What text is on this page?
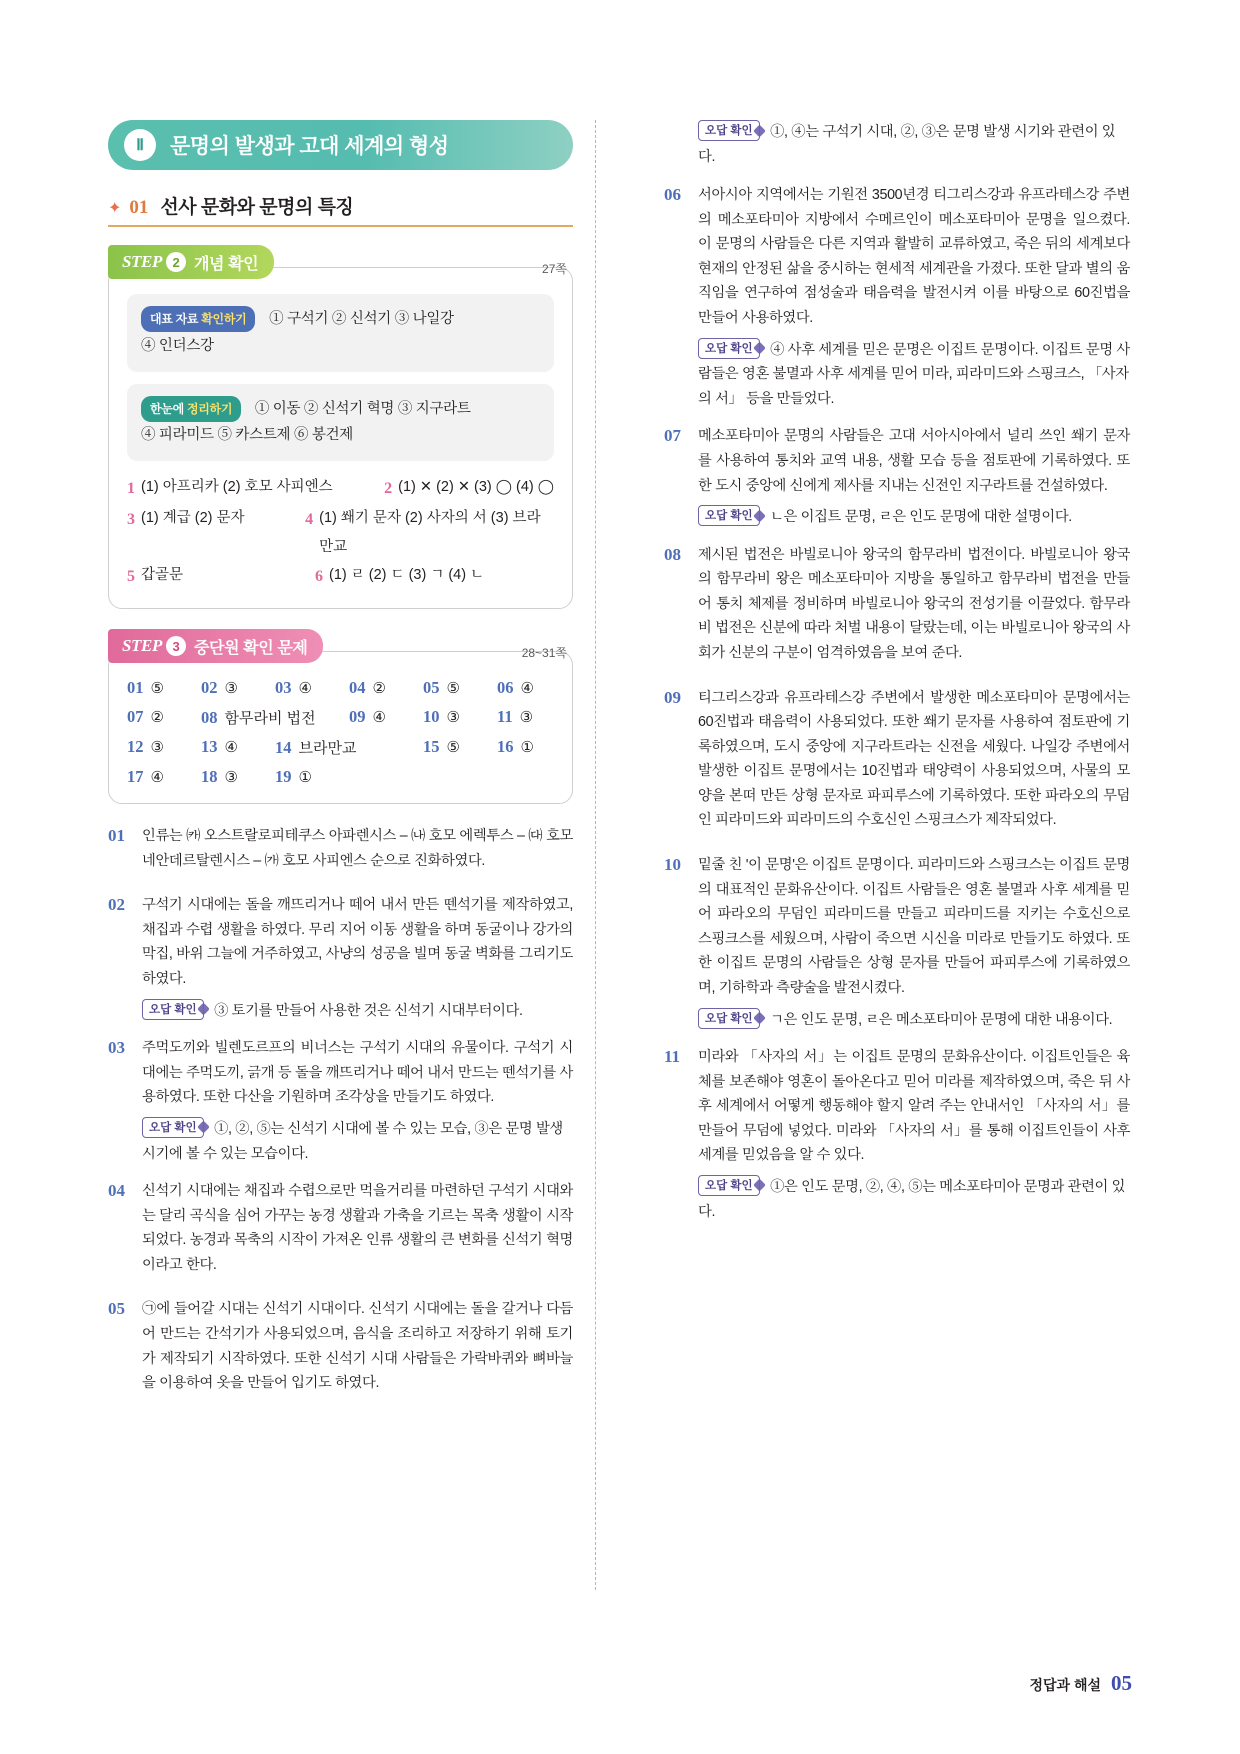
Ⅱ	문명의 발생과 고대 세계의 형성
✦ 01 선사 문화와 문명의 특징
STEP 2 개념 확인	27쪽
대표 자료 확인하기 ① 구석기 ② 신석기 ③ 나일강
④ 인더스강
한눈에 정리하기 ① 이동 ② 신석기 혁명 ③ 지구라트
④ 피라미드 ⑤ 카스트제 ⑥ 봉건제
1 (1) 아프리카 (2) 호모 사피엔스	2 (1) ✕ (2) ✕ (3) ◯ (4) ◯
3 (1) 계급 (2) 문자	4 (1) 쐐기 문자 (2) 사자의 서 (3) 브라만교
5 갑골문	6 (1) ㄹ (2) ㄷ (3) ㄱ (4) ㄴ
STEP 3 중단원 확인 문제	28~31쪽
01 ⑤ 02 ③ 03 ④ 04 ② 05 ⑤ 06 ④
07 ② 08 함무라비 법전 09 ④ 10 ③ 11 ③
12 ③ 13 ④ 14 브라만교	15 ⑤ 16 ①
17 ④ 18 ③ 19 ①
01	인류는 ㈘ 오스트랄로피테쿠스 아파렌시스 – ㈏ 호모 에렉투스 – ㈐ 호모 네안데르탈렌시스 – ㈎ 호모 사피엔스 순으로 진화하였다.

02	구석기 시대에는 돌을 깨뜨리거나 떼어 내서 만든 뗀석기를 제작하였고, 채집과 수렵 생활을 하였다. 무리 지어 이동 생활을 하며 동굴이나 강가의 막집, 바위 그늘에 거주하였고, 사냥의 성공을 빌며 동굴 벽화를 그리기도 하였다.

오답 확인 ③ 토기를 만들어 사용한 것은 신석기 시대부터이다.
03	주먹도끼와 빌렌도르프의 비너스는 구석기 시대의 유물이다. 구석기 시대에는 주먹도끼, 긁개 등 돌을 깨뜨리거나 떼어 내서 만드는 뗀석기를 사용하였다. 또한 다산을 기원하며 조각상을 만들기도 하였다.

오답 확인 ①, ②, ⑤는 신석기 시대에 볼 수 있는 모습, ③은 문명 발생 시기에 볼 수 있는 모습이다.
04	신석기 시대에는 채집과 수렵으로만 먹을거리를 마련하던 구석기 시대와는 달리 곡식을 심어 가꾸는 농경 생활과 가축을 기르는 목축 생활이 시작되었다. 농경과 목축의 시작이 가져온 인류 생활의 큰 변화를 신석기 혁명이라고 한다.

05	㉠에 들어갈 시대는 신석기 시대이다. 신석기 시대에는 돌을 갈거나 다듬어 만드는 간석기가 사용되었으며, 음식을 조리하고 저장하기 위해 토기가 제작되기 시작하였다. 또한 신석기 시대 사람들은 가락바퀴와 뼈바늘을 이용하여 옷을 만들어 입기도 하였다.

오답 확인 ①, ④는 구석기 시대, ②, ③은 문명 발생 시기와 관련이 있다.
06	서아시아 지역에서는 기원전 3500년경 티그리스강과 유프라테스강 주변의 메소포타미아 지방에서 수메르인이 메소포타미아 문명을 일으켰다. 이 문명의 사람들은 다른 지역과 활발히 교류하였고, 죽은 뒤의 세계보다 현재의 안정된 삶을 중시하는 현세적 세계관을 가졌다. 또한 달과 별의 움직임을 연구하여 점성술과 태음력을 발전시켜 이를 바탕으로 60진법을 만들어 사용하였다.

오답 확인 ④ 사후 세계를 믿은 문명은 이집트 문명이다. 이집트 문명 사람들은 영혼 불멸과 사후 세계를 믿어 미라, 피라미드와 스핑크스, 「사자의 서」 등을 만들었다.
07	메소포타미아 문명의 사람들은 고대 서아시아에서 널리 쓰인 쐐기 문자를 사용하여 통치와 교역 내용, 생활 모습 등을 점토판에 기록하였다. 또한 도시 중앙에 신에게 제사를 지내는 신전인 지구라트를 건설하였다.

오답 확인 ㄴ은 이집트 문명, ㄹ은 인도 문명에 대한 설명이다.
08	제시된 법전은 바빌로니아 왕국의 함무라비 법전이다. 바빌로니아 왕국의 함무라비 왕은 메소포타미아 지방을 통일하고 함무라비 법전을 만들어 통치 체제를 정비하며 바빌로니아 왕국의 전성기를 이끌었다. 함무라비 법전은 신분에 따라 처벌 내용이 달랐는데, 이는 바빌로니아 왕국의 사회가 신분의 구분이 엄격하였음을 보여 준다.

09	티그리스강과 유프라테스강 주변에서 발생한 메소포타미아 문명에서는 60진법과 태음력이 사용되었다. 또한 쐐기 문자를 사용하여 점토판에 기록하였으며, 도시 중앙에 지구라트라는 신전을 세웠다. 나일강 주변에서 발생한 이집트 문명에서는 10진법과 태양력이 사용되었으며, 사물의 모양을 본떠 만든 상형 문자로 파피루스에 기록하였다. 또한 파라오의 무덤인 피라미드와 피라미드의 수호신인 스핑크스가 제작되었다.

10	밑줄 친 '이 문명'은 이집트 문명이다. 피라미드와 스핑크스는 이집트 문명의 대표적인 문화유산이다. 이집트 사람들은 영혼 불멸과 사후 세계를 믿어 파라오의 무덤인 피라미드를 만들고 피라미드를 지키는 수호신으로 스핑크스를 세웠으며, 사람이 죽으면 시신을 미라로 만들기도 하였다. 또한 이집트 문명의 사람들은 상형 문자를 만들어 파피루스에 기록하였으며, 기하학과 측량술을 발전시켰다.

오답 확인 ㄱ은 인도 문명, ㄹ은 메소포타미아 문명에 대한 내용이다.
11	미라와 「사자의 서」는 이집트 문명의 문화유산이다. 이집트인들은 육체를 보존해야 영혼이 돌아온다고 믿어 미라를 제작하였으며, 죽은 뒤 사후 세계에서 어떻게 행동해야 할지 알려 주는 안내서인 「사자의 서」를 만들어 무덤에 넣었다. 미라와 「사자의 서」를 통해 이집트인들이 사후 세계를 믿었음을 알 수 있다.

오답 확인 ①은 인도 문명, ②, ④, ⑤는 메소포타미아 문명과 관련이 있다.
정답과 해설 05
